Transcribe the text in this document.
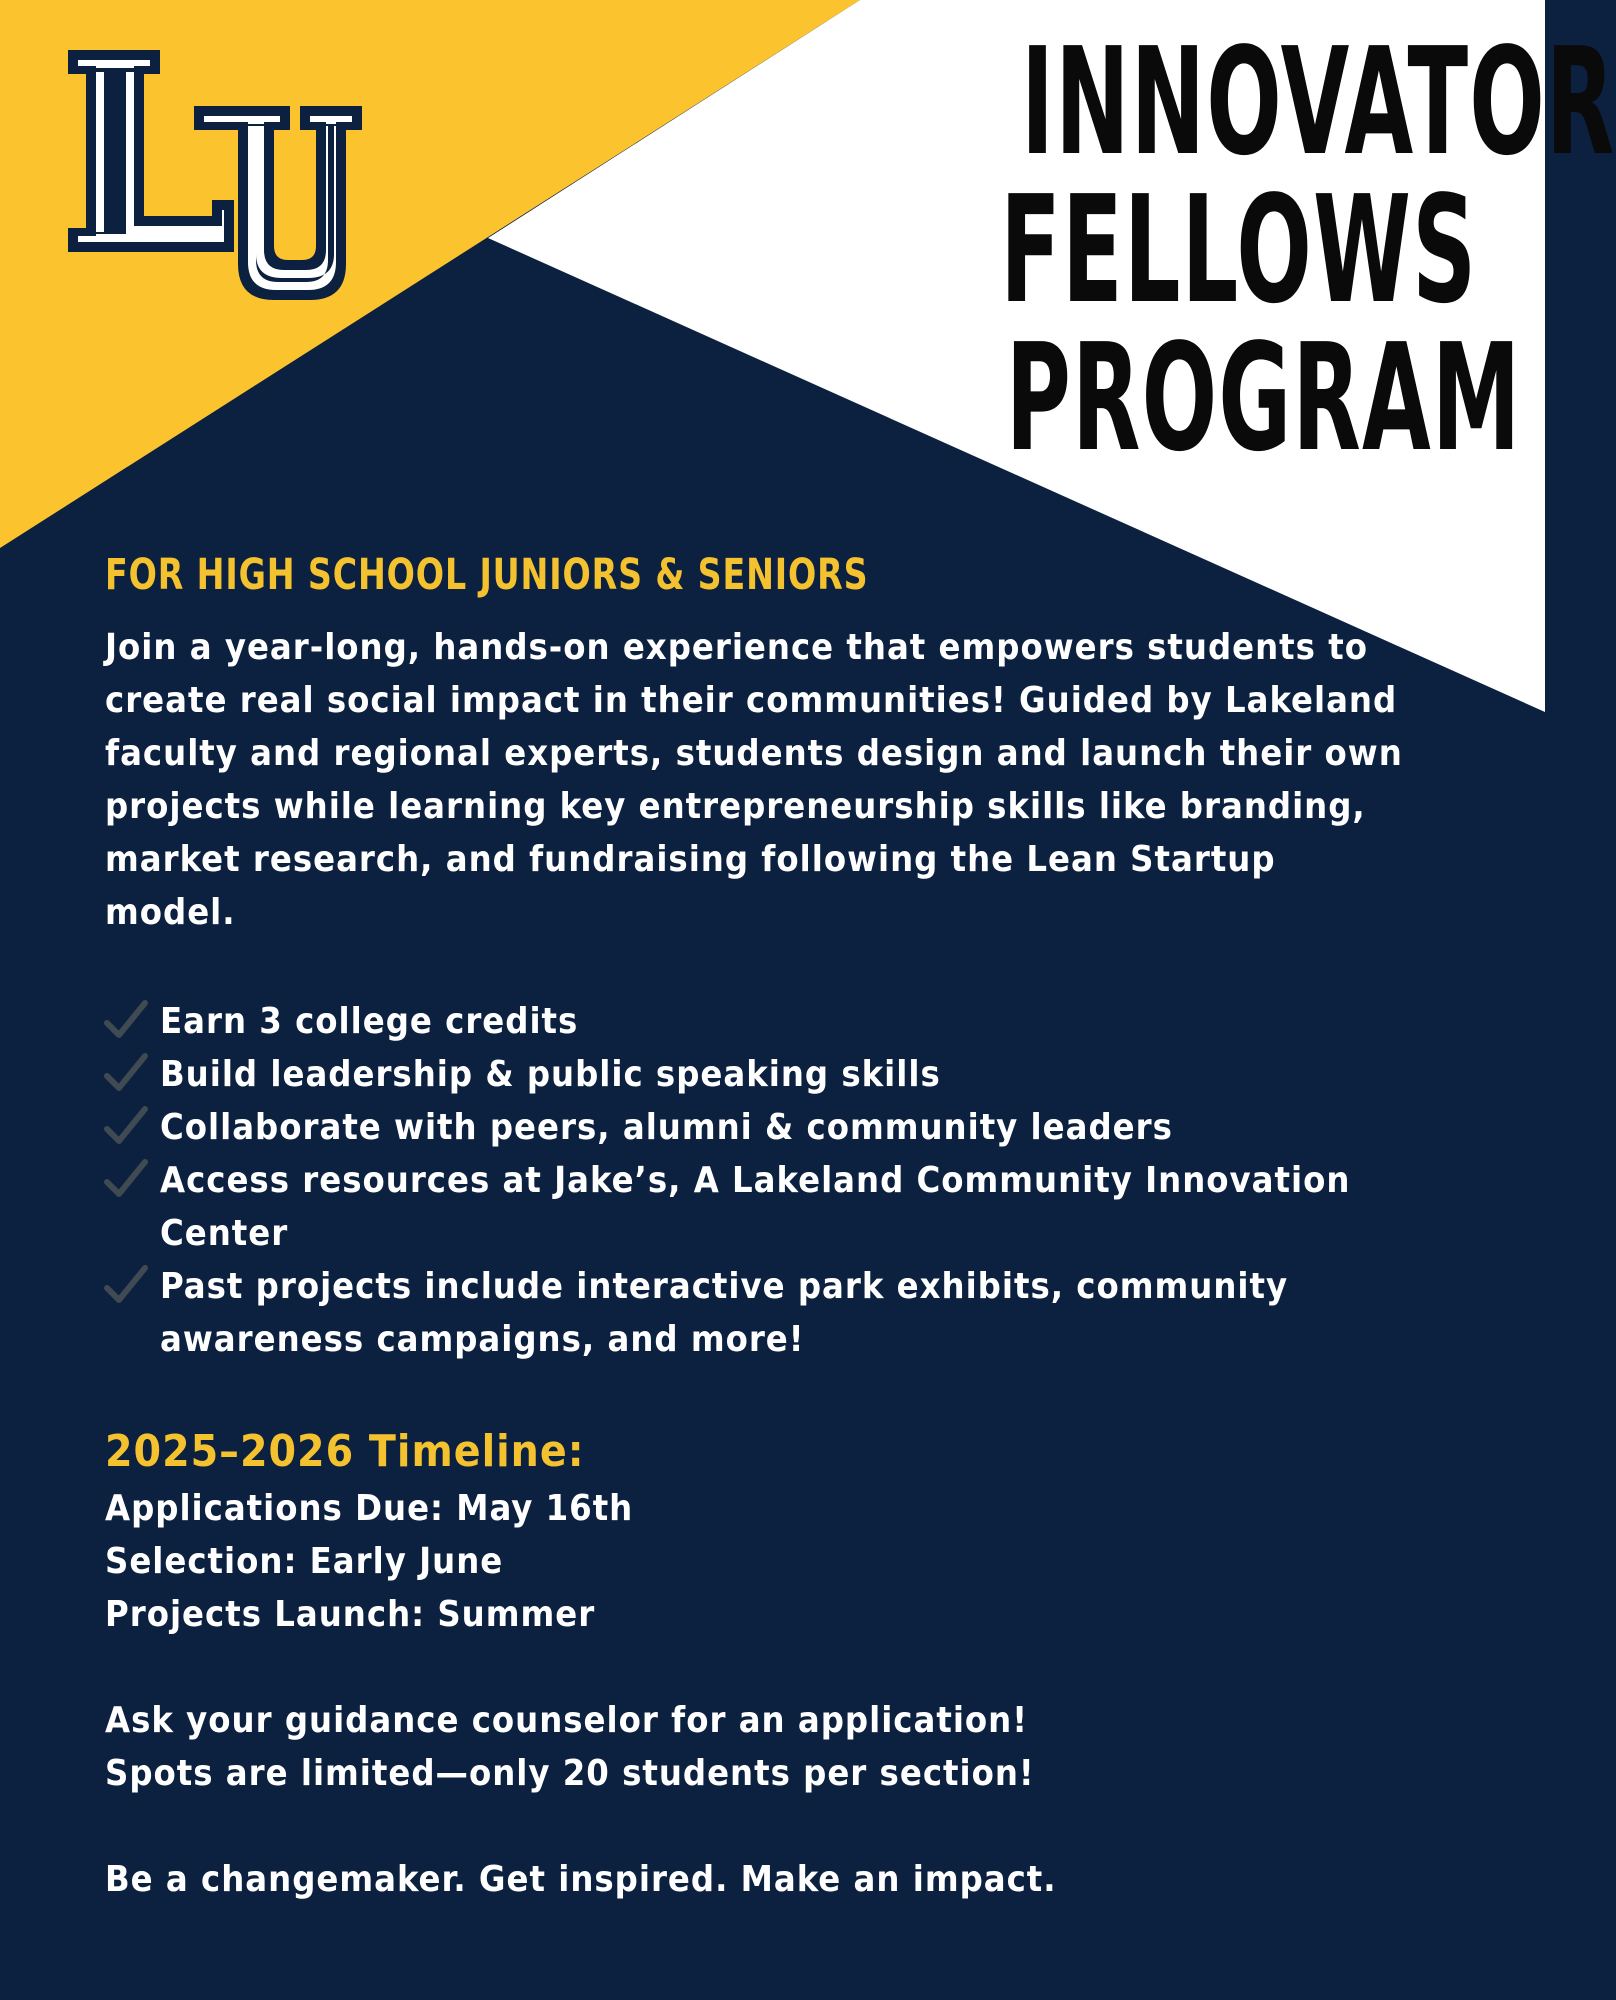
INNOVATOR
FELLOWS
PROGRAM
FOR HIGH SCHOOL JUNIORS & SENIORS
Join a year-long, hands-on experience that empowers students to
create real social impact in their communities! Guided by Lakeland
faculty and regional experts, students design and launch their own
projects while learning key entrepreneurship skills like branding,
market research, and fundraising following the Lean Startup model.
Earn 3 college credits
Build leadership & public speaking skills
Collaborate with peers, alumni & community leaders
Access resources at Jake’s, A Lakeland Community Innovation Center
Past projects include interactive park exhibits, community awareness campaigns, and more!
2025–2026 Timeline:
Applications Due: May 16th
Selection: Early June
Projects Launch: Summer
Ask your guidance counselor for an application!
Spots are limited—only 20 students per section!
Be a changemaker. Get inspired. Make an impact.
